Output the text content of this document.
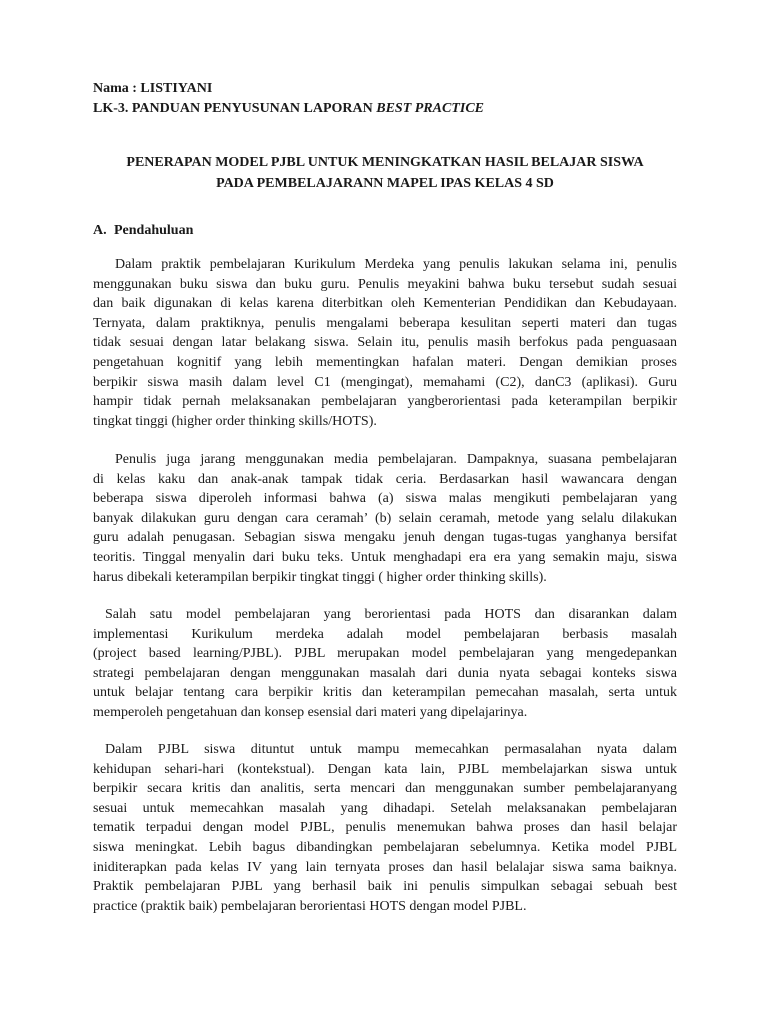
Nama : LISTIYANI
LK-3. PANDUAN PENYUSUNAN LAPORAN BEST PRACTICE
PENERAPAN MODEL PJBL UNTUK MENINGKATKAN HASIL BELAJAR SISWA
PADA PEMBELAJARANN MAPEL IPAS KELAS 4 SD
A. Pendahuluan
Dalam praktik pembelajaran Kurikulum Merdeka yang penulis lakukan selama ini, penulis
menggunakan buku siswa dan buku guru. Penulis meyakini bahwa buku tersebut sudah sesuai
dan baik digunakan di kelas karena diterbitkan oleh Kementerian Pendidikan dan Kebudayaan.
Ternyata, dalam praktiknya, penulis mengalami beberapa kesulitan seperti materi dan tugas
tidak sesuai dengan latar belakang siswa. Selain itu, penulis masih berfokus pada penguasaan
pengetahuan kognitif yang lebih mementingkan hafalan materi. Dengan demikian proses
berpikir siswa masih dalam level C1 (mengingat), memahami (C2), danC3 (aplikasi). Guru
hampir tidak pernah melaksanakan pembelajaran yangberorientasi pada keterampilan berpikir
tingkat tinggi (higher order thinking skills/HOTS).
Penulis juga jarang menggunakan media pembelajaran. Dampaknya, suasana pembelajaran
di kelas kaku dan anak-anak tampak tidak ceria. Berdasarkan hasil wawancara dengan
beberapa siswa diperoleh informasi bahwa (a) siswa malas mengikuti pembelajaran yang
banyak dilakukan guru dengan cara ceramah’ (b) selain ceramah, metode yang selalu dilakukan
guru adalah penugasan. Sebagian siswa mengaku jenuh dengan tugas-tugas yanghanya bersifat
teoritis. Tinggal menyalin dari buku teks. Untuk menghadapi era era yang semakin maju, siswa
harus dibekali keterampilan berpikir tingkat tinggi ( higher order thinking skills).
Salah satu model pembelajaran yang berorientasi pada HOTS dan disarankan dalam
implementasi Kurikulum merdeka adalah model pembelajaran berbasis masalah
(project based learning/PJBL). PJBL merupakan model pembelajaran yang mengedepankan
strategi pembelajaran dengan menggunakan masalah dari dunia nyata sebagai konteks siswa
untuk belajar tentang cara berpikir kritis dan keterampilan pemecahan masalah, serta untuk
memperoleh pengetahuan dan konsep esensial dari materi yang dipelajarinya.
Dalam PJBL siswa dituntut untuk mampu memecahkan permasalahan nyata dalam
kehidupan sehari-hari (kontekstual). Dengan kata lain, PJBL membelajarkan siswa untuk
berpikir secara kritis dan analitis, serta mencari dan menggunakan sumber pembelajaranyang
sesuai untuk memecahkan masalah yang dihadapi. Setelah melaksanakan pembelajaran
tematik terpadui dengan model PJBL, penulis menemukan bahwa proses dan hasil belajar
siswa meningkat. Lebih bagus dibandingkan pembelajaran sebelumnya. Ketika model PJBL
iniditerapkan pada kelas IV yang lain ternyata proses dan hasil belalajar siswa sama baiknya.
Praktik pembelajaran PJBL yang berhasil baik ini penulis simpulkan sebagai sebuah best
practice (praktik baik) pembelajaran berorientasi HOTS dengan model PJBL.
